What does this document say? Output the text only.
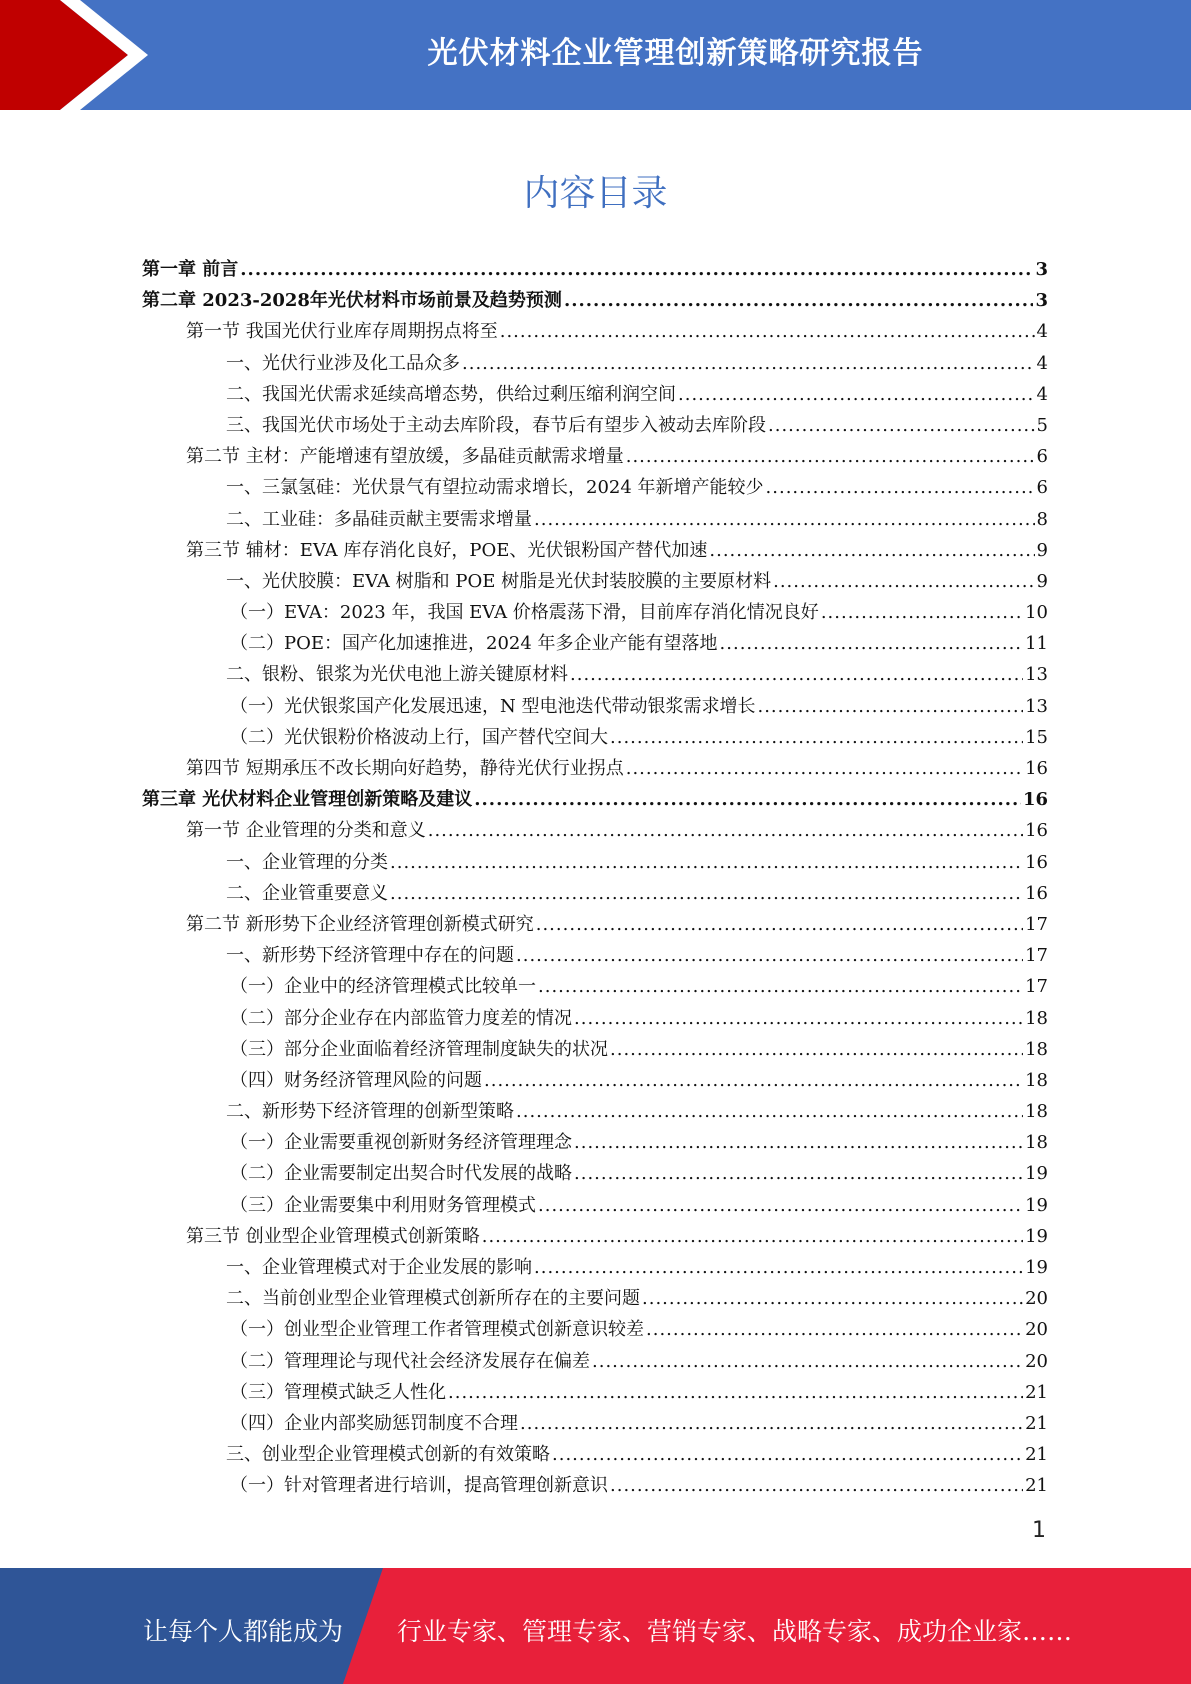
光伏材料企业管理创新策略研究报告
内容目录
第一章 前言 .....	3
第二章 2023-2028年光伏材料市场前景及趋势预测 .....	3
第一节 我国光伏行业库存周期拐点将至 .....	4
一、光伏行业涉及化工品众多 .....	4
二、我国光伏需求延续高增态势，供给过剩压缩利润空间 .....	4
三、我国光伏市场处于主动去库阶段，春节后有望步入被动去库阶段 .....	5
第二节 主材：产能增速有望放缓，多晶硅贡献需求增量 .....	6
一、三氯氢硅：光伏景气有望拉动需求增长，2024 年新增产能较少 .....	6
二、工业硅：多晶硅贡献主要需求增量 .....	8
第三节 辅材：EVA 库存消化良好，POE、光伏银粉国产替代加速 .....	9
一、光伏胶膜：EVA 树脂和 POE 树脂是光伏封装胶膜的主要原材料 .....	9
（一）EVA：2023 年，我国 EVA 价格震荡下滑，目前库存消化情况良好 .....	10
（二）POE：国产化加速推进，2024 年多企业产能有望落地 .....	11
二、银粉、银浆为光伏电池上游关键原材料 .....	13
（一）光伏银浆国产化发展迅速，N 型电池迭代带动银浆需求增长 .....	13
（二）光伏银粉价格波动上行，国产替代空间大 .....	15
第四节 短期承压不改长期向好趋势，静待光伏行业拐点 .....	16
第三章 光伏材料企业管理创新策略及建议 .....	16
第一节 企业管理的分类和意义 .....	16
一、企业管理的分类 .....	16
二、企业管重要意义 .....	16
第二节 新形势下企业经济管理创新模式研究 .....	17
一、新形势下经济管理中存在的问题 .....	17
（一）企业中的经济管理模式比较单一 .....	17
（二）部分企业存在内部监管力度差的情况 .....	18
（三）部分企业面临着经济管理制度缺失的状况 .....	18
（四）财务经济管理风险的问题 .....	18
二、新形势下经济管理的创新型策略 .....	18
（一）企业需要重视创新财务经济管理理念 .....	18
（二）企业需要制定出契合时代发展的战略 .....	19
（三）企业需要集中利用财务管理模式 .....	19
第三节 创业型企业管理模式创新策略 .....	19
一、企业管理模式对于企业发展的影响 .....	19
二、当前创业型企业管理模式创新所存在的主要问题 .....	20
（一）创业型企业管理工作者管理模式创新意识较差 .....	20
（二）管理理论与现代社会经济发展存在偏差 .....	20
（三）管理模式缺乏人性化 .....	21
（四）企业内部奖励惩罚制度不合理 .....	21
三、创业型企业管理模式创新的有效策略 .....	21
（一）针对管理者进行培训，提高管理创新意识 .....	21
1
让每个人都能成为 行业专家、管理专家、营销专家、战略专家、成功企业家……
